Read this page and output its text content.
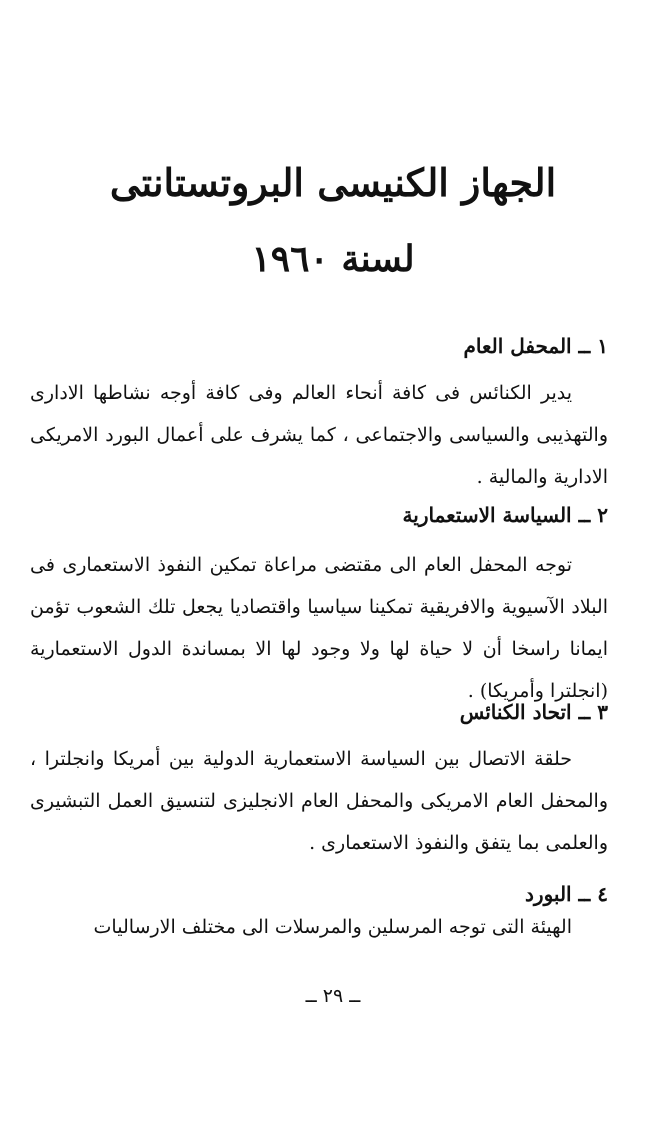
الجهاز الكنيسى البروتستانتى
لسنة ١٩٦٠
١ ــ المحفل العام
يدير الكنائس فى كافة أنحاء العالم وفى كافة أوجه نشاطها الادارى والتهذيبى والسياسى والاجتماعى ، كما يشرف على أعمال البورد الامريكى الادارية والمالية .
٢ ــ السياسة الاستعمارية
توجه المحفل العام الى مقتضى مراعاة تمكين النفوذ الاستعمارى فى البلاد الآسيوية والافريقية تمكينا سياسيا واقتصاديا يجعل تلك الشعوب تؤمن ايمانا راسخا أن لا حياة لها ولا وجود لها الا بمساندة الدول الاستعمارية (انجلترا وأمريكا) .
٣ ــ اتحاد الكنائس
حلقة الاتصال بين السياسة الاستعمارية الدولية بين أمريكا وانجلترا ، والمحفل العام الامريكى والمحفل العام الانجليزى لتنسيق العمل التبشيرى والعلمى بما يتفق والنفوذ الاستعمارى .
٤ ــ البورد
الهيئة التى توجه المرسلين والمرسلات الى مختلف الارساليات
ــ ٢٩ ــ
